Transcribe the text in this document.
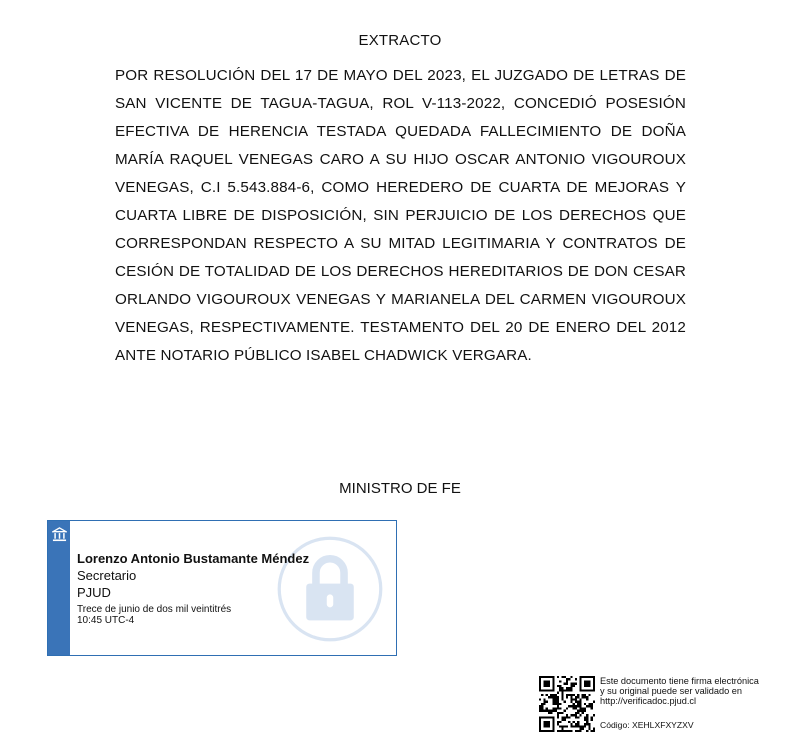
EXTRACTO
POR RESOLUCIÓN DEL 17 DE MAYO DEL 2023, EL JUZGADO DE LETRAS DE SAN VICENTE DE TAGUA-TAGUA, ROL V-113-2022, CONCEDIÓ POSESIÓN EFECTIVA DE HERENCIA TESTADA QUEDADA FALLECIMIENTO DE DOÑA MARÍA RAQUEL VENEGAS CARO A SU HIJO OSCAR ANTONIO VIGOUROUX VENEGAS, C.I 5.543.884-6, COMO HEREDERO DE CUARTA DE MEJORAS Y CUARTA LIBRE DE DISPOSICIÓN, SIN PERJUICIO DE LOS DERECHOS QUE CORRESPONDAN RESPECTO A SU MITAD LEGITIMARIA Y CONTRATOS DE CESIÓN DE TOTALIDAD DE LOS DERECHOS HEREDITARIOS DE DON CESAR ORLANDO VIGOUROUX VENEGAS Y MARIANELA DEL CARMEN VIGOUROUX VENEGAS, RESPECTIVAMENTE. TESTAMENTO DEL 20 DE ENERO DEL 2012 ANTE NOTARIO PÚBLICO ISABEL CHADWICK VERGARA.
MINISTRO DE FE
Lorenzo Antonio Bustamante Méndez
Secretario
PJUD
Trece de junio de dos mil veintitrés
10:45 UTC-4
Este documento tiene firma electrónica
y su original puede ser validado en
http://verificadoc.pjud.cl
Código: XEHLXFXYZXV
